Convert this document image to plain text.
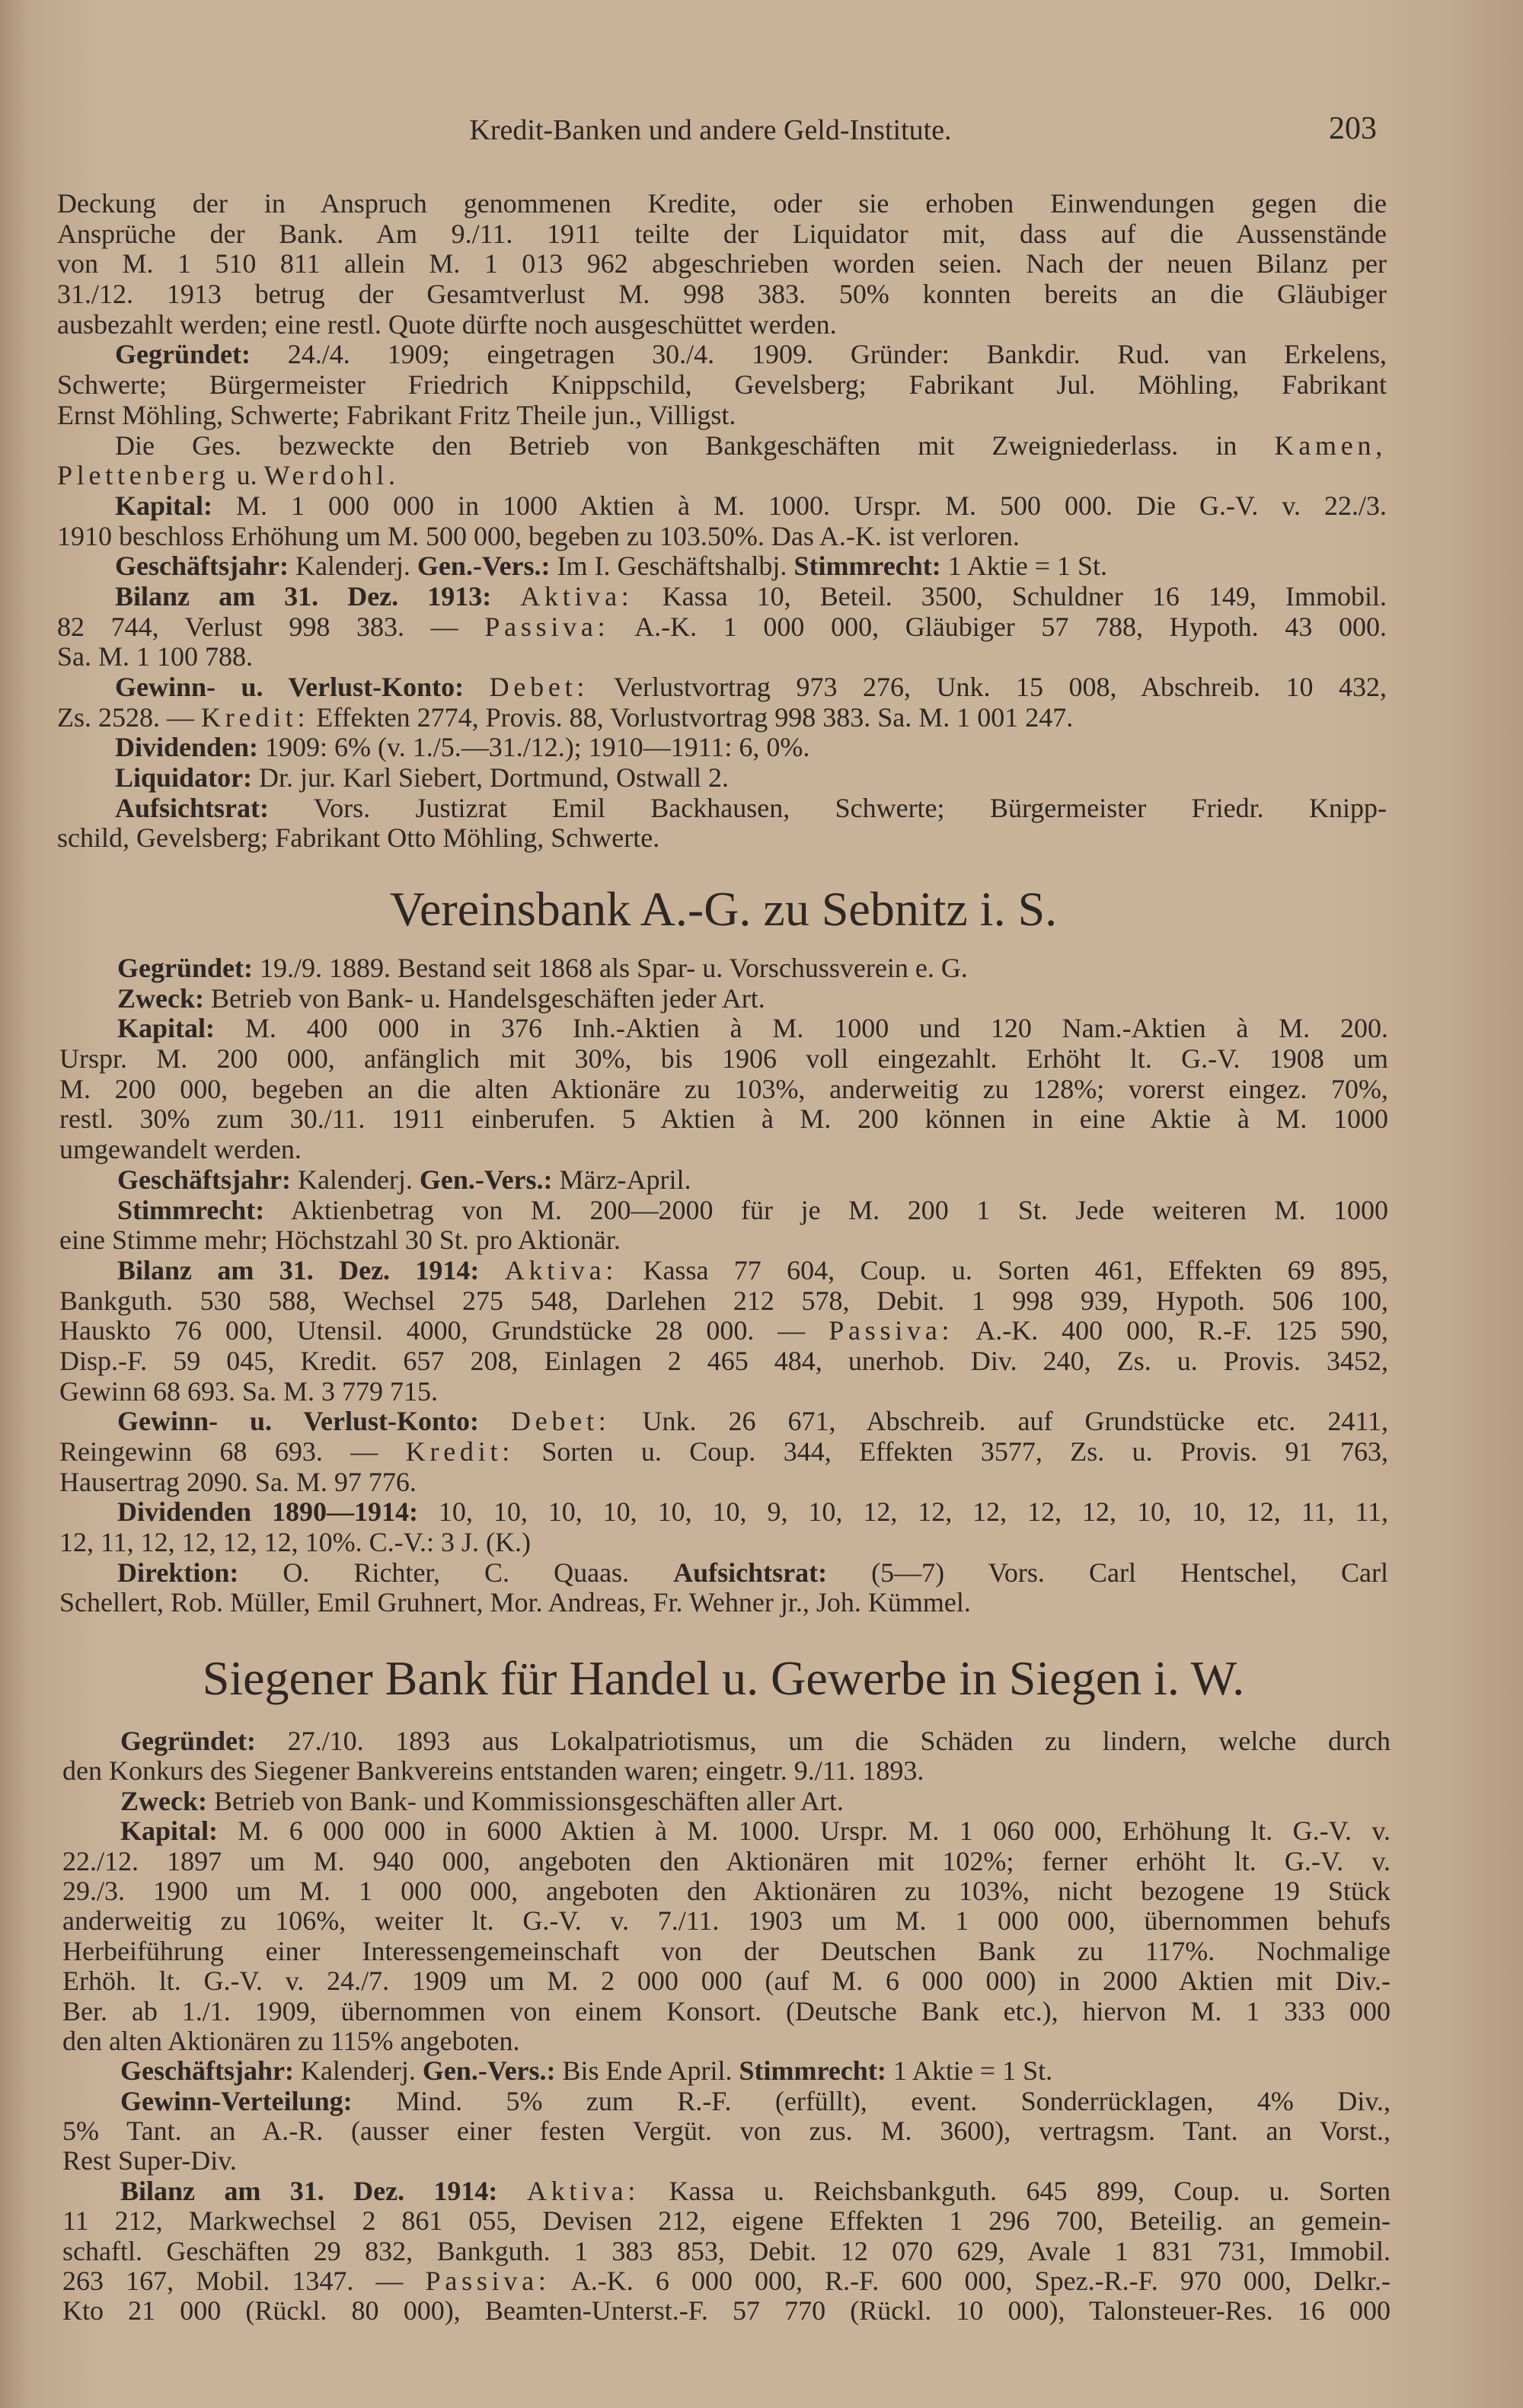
Kredit-Banken und andere Geld-Institute.	203
Deckung der in Anspruch genommenen Kredite, oder sie erhoben Einwendungen gegen die
Ansprüche der Bank. Am 9./11. 1911 teilte der Liquidator mit, dass auf die Aussenstände
von M. 1 510 811 allein M. 1 013 962 abgeschrieben worden seien. Nach der neuen Bilanz per
31./12. 1913 betrug der Gesamtverlust M. 998 383. 50% konnten bereits an die Gläubiger
ausbezahlt werden; eine restl. Quote dürfte noch ausgeschüttet werden.
Gegründet: 24./4. 1909; eingetragen 30./4. 1909. Gründer: Bankdir. Rud. van Erkelens,
Schwerte; Bürgermeister Friedrich Knippschild, Gevelsberg; Fabrikant Jul. Möhling, Fabrikant
Ernst Möhling, Schwerte; Fabrikant Fritz Theile jun., Villigst.
Die Ges. bezweckte den Betrieb von Bankgeschäften mit Zweigniederlass. in Kamen,
Plettenberg u. Werdohl.
Kapital: M. 1 000 000 in 1000 Aktien à M. 1000. Urspr. M. 500 000. Die G.-V. v. 22./3.
1910 beschloss Erhöhung um M. 500 000, begeben zu 103.50%. Das A.-K. ist verloren.
Geschäftsjahr: Kalenderj. Gen.-Vers.: Im I. Geschäftshalbj. Stimmrecht: 1 Aktie = 1 St.
Bilanz am 31. Dez. 1913: Aktiva: Kassa 10, Beteil. 3500, Schuldner 16 149, Immobil.
82 744, Verlust 998 383. — Passiva: A.-K. 1 000 000, Gläubiger 57 788, Hypoth. 43 000.
Sa. M. 1 100 788.
Gewinn- u. Verlust-Konto: Debet: Verlustvortrag 973 276, Unk. 15 008, Abschreib. 10 432,
Zs. 2528. — Kredit: Effekten 2774, Provis. 88, Vorlustvortrag 998 383. Sa. M. 1 001 247.
Dividenden: 1909: 6% (v. 1./5.—31./12.); 1910—1911: 6, 0%.
Liquidator: Dr. jur. Karl Siebert, Dortmund, Ostwall 2.
Aufsichtsrat: Vors. Justizrat Emil Backhausen, Schwerte; Bürgermeister Friedr. Knipp-
schild, Gevelsberg; Fabrikant Otto Möhling, Schwerte.
Vereinsbank A.-G. zu Sebnitz i. S.
Gegründet: 19./9. 1889. Bestand seit 1868 als Spar- u. Vorschussverein e. G.
Zweck: Betrieb von Bank- u. Handelsgeschäften jeder Art.
Kapital: M. 400 000 in 376 Inh.-Aktien à M. 1000 und 120 Nam.-Aktien à M. 200.
Urspr. M. 200 000, anfänglich mit 30%, bis 1906 voll eingezahlt. Erhöht lt. G.-V. 1908 um
M. 200 000, begeben an die alten Aktionäre zu 103%, anderweitig zu 128%; vorerst eingez. 70%,
restl. 30% zum 30./11. 1911 einberufen. 5 Aktien à M. 200 können in eine Aktie à M. 1000
umgewandelt werden.
Geschäftsjahr: Kalenderj. Gen.-Vers.: März-April.
Stimmrecht: Aktienbetrag von M. 200—2000 für je M. 200 1 St. Jede weiteren M. 1000
eine Stimme mehr; Höchstzahl 30 St. pro Aktionär.
Bilanz am 31. Dez. 1914: Aktiva: Kassa 77 604, Coup. u. Sorten 461, Effekten 69 895,
Bankguth. 530 588, Wechsel 275 548, Darlehen 212 578, Debit. 1 998 939, Hypoth. 506 100,
Hauskto 76 000, Utensil. 4000, Grundstücke 28 000. — Passiva: A.-K. 400 000, R.-F. 125 590,
Disp.-F. 59 045, Kredit. 657 208, Einlagen 2 465 484, unerhob. Div. 240, Zs. u. Provis. 3452,
Gewinn 68 693. Sa. M. 3 779 715.
Gewinn- u. Verlust-Konto: Debet: Unk. 26 671, Abschreib. auf Grundstücke etc. 2411,
Reingewinn 68 693. — Kredit: Sorten u. Coup. 344, Effekten 3577, Zs. u. Provis. 91 763,
Hausertrag 2090. Sa. M. 97 776.
Dividenden 1890—1914: 10, 10, 10, 10, 10, 10, 9, 10, 12, 12, 12, 12, 12, 10, 10, 12, 11, 11,
12, 11, 12, 12, 12, 12, 10%. C.-V.: 3 J. (K.)
Direktion: O. Richter, C. Quaas. Aufsichtsrat: (5—7) Vors. Carl Hentschel, Carl
Schellert, Rob. Müller, Emil Gruhnert, Mor. Andreas, Fr. Wehner jr., Joh. Kümmel.
Siegener Bank für Handel u. Gewerbe in Siegen i. W.
Gegründet: 27./10. 1893 aus Lokalpatriotismus, um die Schäden zu lindern, welche durch
den Konkurs des Siegener Bankvereins entstanden waren; eingetr. 9./11. 1893.
Zweck: Betrieb von Bank- und Kommissionsgeschäften aller Art.
Kapital: M. 6 000 000 in 6000 Aktien à M. 1000. Urspr. M. 1 060 000, Erhöhung lt. G.-V. v.
22./12. 1897 um M. 940 000, angeboten den Aktionären mit 102%; ferner erhöht lt. G.-V. v.
29./3. 1900 um M. 1 000 000, angeboten den Aktionären zu 103%, nicht bezogene 19 Stück
anderweitig zu 106%, weiter lt. G.-V. v. 7./11. 1903 um M. 1 000 000, übernommen behufs
Herbeiführung einer Interessengemeinschaft von der Deutschen Bank zu 117%. Nochmalige
Erhöh. lt. G.-V. v. 24./7. 1909 um M. 2 000 000 (auf M. 6 000 000) in 2000 Aktien mit Div.-
Ber. ab 1./1. 1909, übernommen von einem Konsort. (Deutsche Bank etc.), hiervon M. 1 333 000
den alten Aktionären zu 115% angeboten.
Geschäftsjahr: Kalenderj. Gen.-Vers.: Bis Ende April. Stimmrecht: 1 Aktie = 1 St.
Gewinn-Verteilung: Mind. 5% zum R.-F. (erfüllt), event. Sonderrücklagen, 4% Div.,
5% Tant. an A.-R. (ausser einer festen Vergüt. von zus. M. 3600), vertragsm. Tant. an Vorst.,
Rest Super-Div.
Bilanz am 31. Dez. 1914: Aktiva: Kassa u. Reichsbankguth. 645 899, Coup. u. Sorten
11 212, Markwechsel 2 861 055, Devisen 212, eigene Effekten 1 296 700, Beteilig. an gemein-
schaftl. Geschäften 29 832, Bankguth. 1 383 853, Debit. 12 070 629, Avale 1 831 731, Immobil.
263 167, Mobil. 1347. — Passiva: A.-K. 6 000 000, R.-F. 600 000, Spez.-R.-F. 970 000, Delkr.-
Kto 21 000 (Rückl. 80 000), Beamten-Unterst.-F. 57 770 (Rückl. 10 000), Talonsteuer-Res. 16 000
